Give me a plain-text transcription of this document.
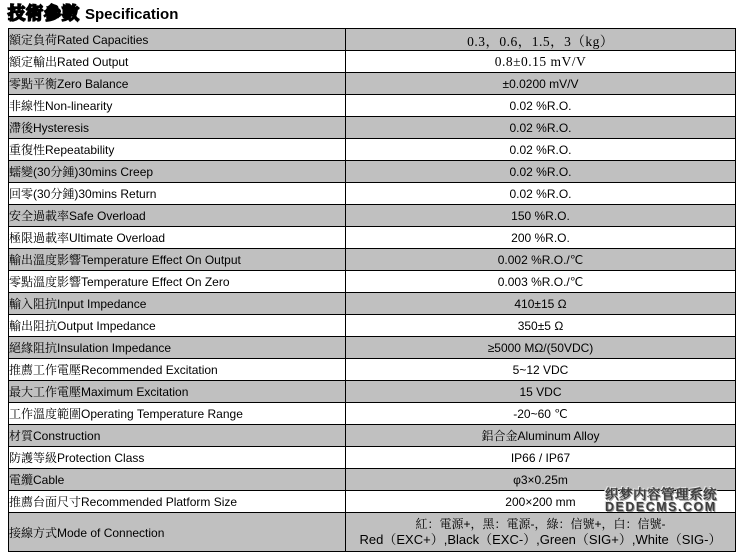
技術參數 Specification
額定負荷Rated Capacities	0.3，0.6，1.5，3（kg）
額定輸出Rated Output	0.8±0.15 mV/V
零點平衡Zero Balance	±0.0200 mV/V
非線性Non-linearity	0.02 %R.O.
滯後Hysteresis	0.02 %R.O.
重復性Repeatability	0.02 %R.O.
蠕變(30分鍾)30mins Creep	0.02 %R.O.
回零(30分鍾)30mins Return	0.02 %R.O.
安全過載率Safe Overload	150 %R.O.
極限過載率Ultimate Overload	200 %R.O.
輸出溫度影響Temperature Effect On Output	0.002 %R.O./℃
零點溫度影響Temperature Effect On Zero	0.003 %R.O./℃
輸入阻抗Input Impedance	410±15 Ω
輸出阻抗Output Impedance	350±5 Ω
絕緣阻抗Insulation Impedance	≥5000 MΩ/(50VDC)
推薦工作電壓Recommended Excitation	5~12 VDC
最大工作電壓Maximum Excitation	15 VDC
工作溫度範圍Operating Temperature Range	-20~60 ℃
材質Construction	鋁合金Aluminum Alloy
防護等級Protection Class	IP66 / IP67
電纜Cable	φ3×0.25m
推薦台面尺寸Recommended Platform Size	200×200 mm
接線方式Mode of Connection	紅：電源+，黑：電源-，綠：信號+，白：信號-
Red（EXC+）,Black（EXC-）,Green（SIG+）,White（SIG-）
织梦内容管理系统
DEDECMS.COM
